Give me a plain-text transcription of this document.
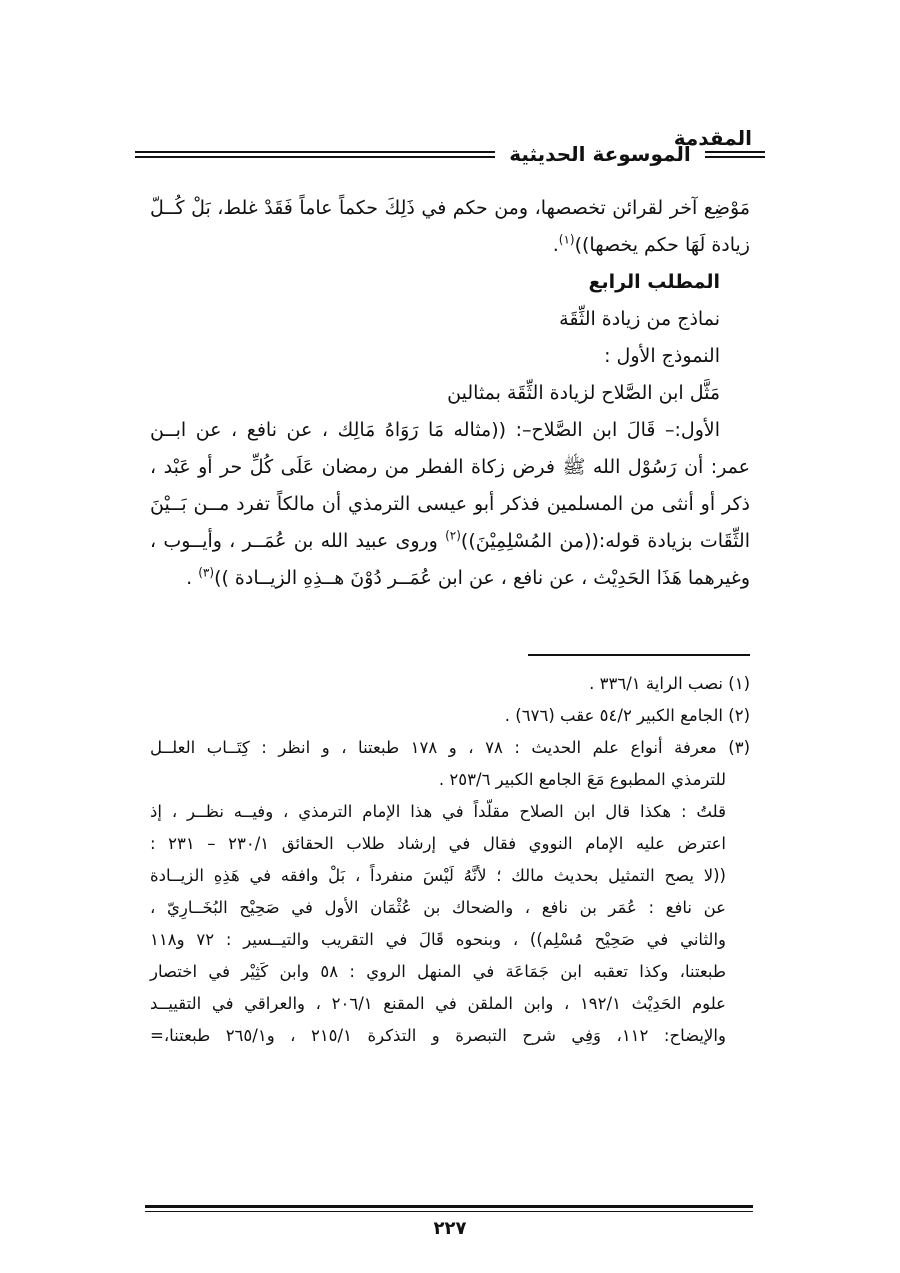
المقدمة
الموسوعة الحديثية

مَوْضِع آخر لقرائن تخصصها، ومن حكم في ذَلِكَ حكماً عاماً فَقَدْ غلط، بَلْ كُــلّ

زيادة لَهَا حكم يخصها))$^{(١)}$.

المطلب الرابع

نماذج من زيادة الثِّقَة

النموذج الأول :

مَثَّل ابن الصَّلاح لزيادة الثِّقَة بمثالين

الأول:– قَالَ ابن الصَّلاح–: ((مثاله مَا رَوَاهُ مَالِك ، عن نافع ، عن ابــن

عمر: أن رَسُوْل الله ﷺ فرض زكاة الفطر من رمضان عَلَى كُلِّ حر أو عَبْد ،

ذكر أو أنثى من المسلمين فذكر أبو عيسى الترمذي أن مالكاً تفرد مــن بَــيْنَ

الثِّقَات بزيادة قوله:((من المُسْلِمِيْنَ))$^{(٢)}$ وروى عبيد الله بن عُمَــر ، وأيــوب ،

وغيرهما هَذَا الحَدِيْث ، عن نافع ، عن ابن عُمَــر دُوْنَ هــذِهِ الزيــادة ))$^{(٣)}$ .

(١) نصب الراية ٣٣٦/١ .

(٢) الجامع الكبير ٥٤/٢ عقب (٦٧٦) .

(٣) معرفة أنواع علم الحديث : ٧٨ ، و ١٧٨ طبعتنا ، و انظر : كِتَــاب العلــل

للترمذي المطبوع مَعَ الجامع الكبير ٢٥٣/٦ .

قلتُ : هكذا قال ابن الصلاح مقلّداً في هذا الإمام الترمذي ، وفيــه نظــر ، إذ

اعترض عليه الإمام النووي فقال في إرشاد طلاب الحقائق ٢٣٠/١ – ٢٣١ :

((لا يصح التمثيل بحديث مالك ؛ لأنَّهُ لَيْسَ منفرداً ، بَلْ وافقه في هَذِهِ الزيــادة

عن نافع : عُمَر بن نافع ، والضحاك بن عُثْمَان الأول في صَحِيْح البُخَــارِيّ ،

والثاني في صَحِيْح مُسْلِم)) ، وبنحوه قَالَ في التقريب والتيــسير : ٧٢ و١١٨

طبعتنا، وكذا تعقبه ابن جَمَاعَة في المنهل الروي : ٥٨ وابن كَثِيْر في اختصار

علوم الحَدِيْث ١٩٢/١ ، وابن الملقن في المقنع ٢٠٦/١ ، والعراقي في التقييــد

والإيضاح: ١١٢، وَفِي شرح التبصرة و التذكرة ٢١٥/١ ، و٢٦٥/١ طبعتنا،=

٢٢٧
